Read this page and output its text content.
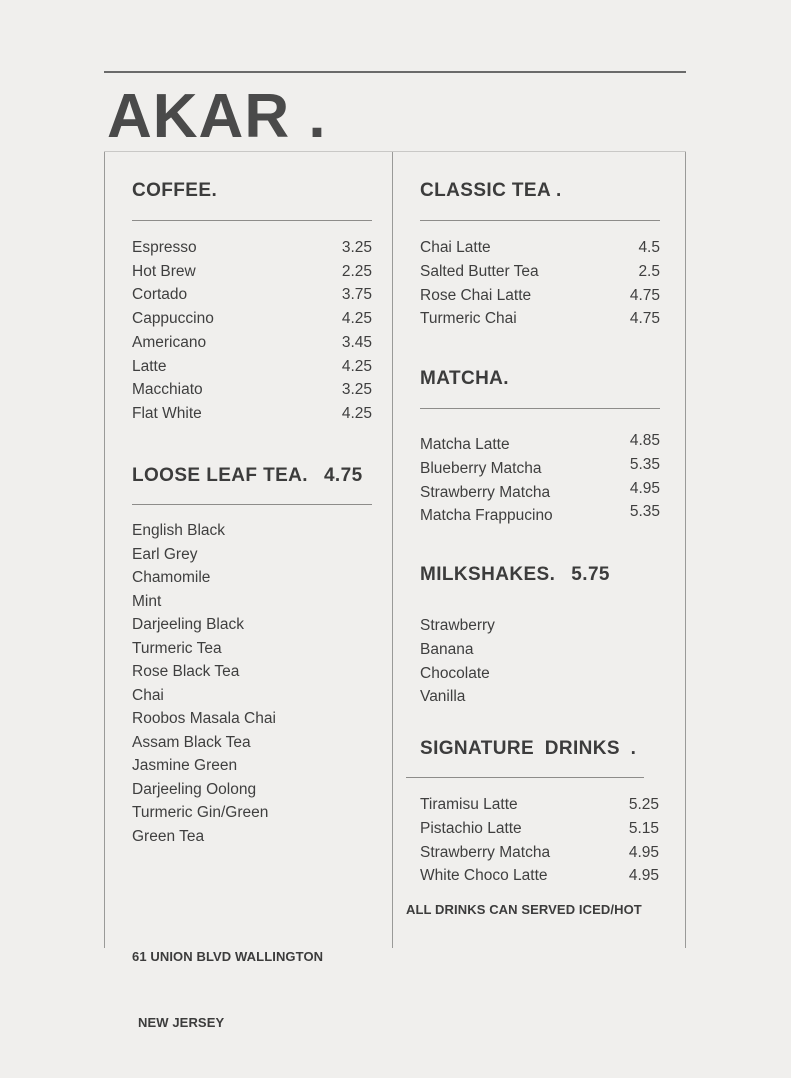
AKAR .
COFFEE.
Espresso	3.25
Hot Brew	2.25
Cortado	3.75
Cappuccino	4.25
Americano	3.45
Latte	4.25
Macchiato	3.25
Flat White	4.25
LOOSE LEAF TEA. 4.75
English Black
Earl Grey
Chamomile
Mint
Darjeeling Black
Turmeric Tea
Rose Black Tea
Chai
Roobos Masala Chai
Assam Black Tea
Jasmine Green
Darjeeling Oolong
Turmeric Gin/Green
Green Tea
CLASSIC TEA .
Chai Latte	4.5
Salted Butter Tea	2.5
Rose Chai Latte	4.75
Turmeric Chai	4.75
MATCHA.
Matcha Latte	4.85
Blueberry Matcha	5.35
Strawberry Matcha	4.95
Matcha Frappucino	5.35
MILKSHAKES. 5.75
Strawberry
Banana
Chocolate
Vanilla
SIGNATURE DRINKS .
Tiramisu Latte	5.25
Pistachio Latte	5.15
Strawberry Matcha	4.95
White Choco Latte	4.95

61 UNION BLVD WALLINGTON

NEW JERSEY

ALL DRINKS CAN SERVED ICED/HOT
